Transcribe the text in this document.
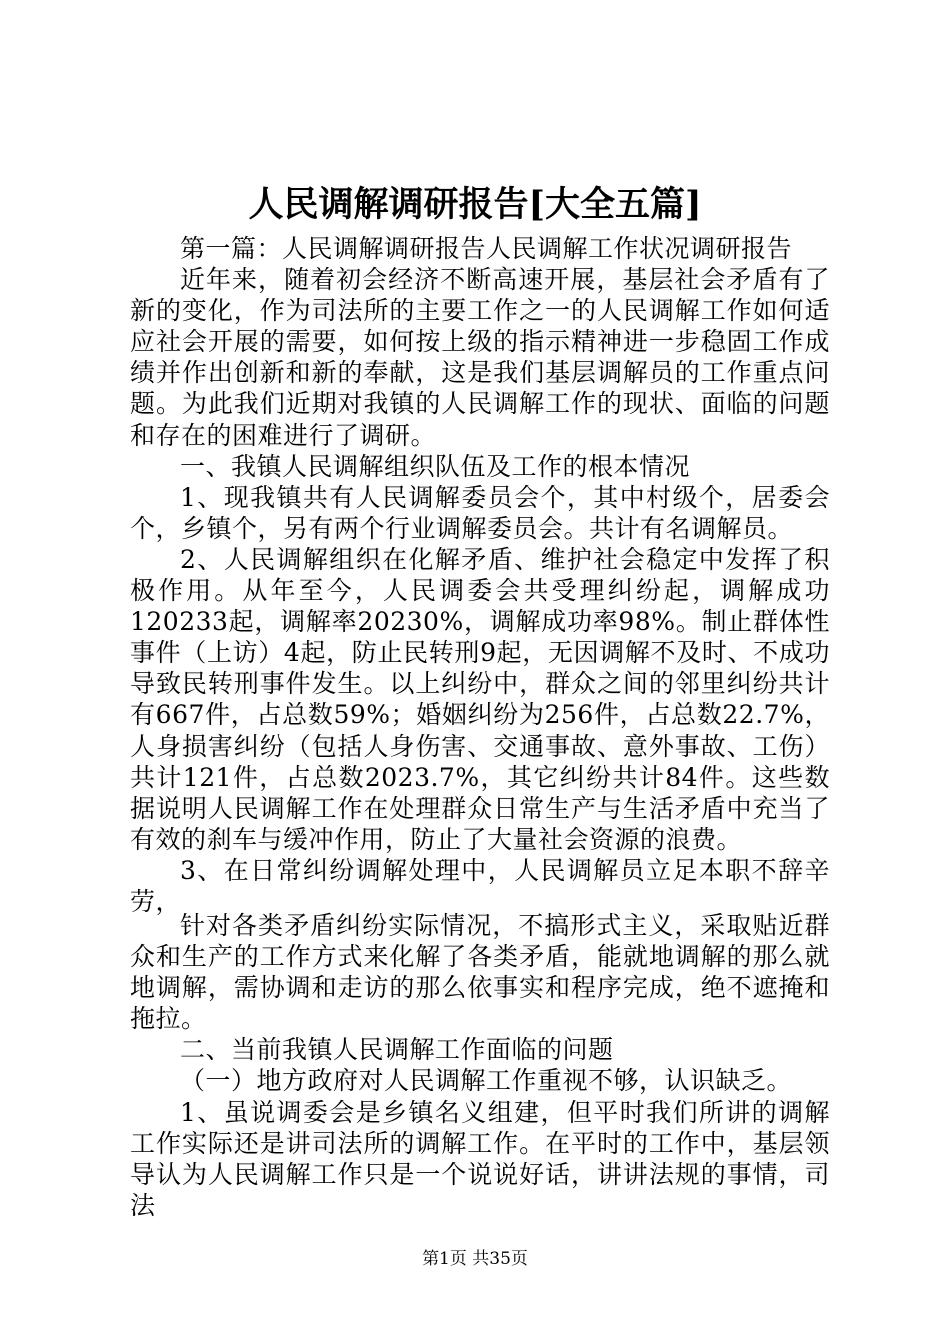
人民调解调研报告[大全五篇]

第一篇：人民调解调研报告人民调解工作状况调研报告

近年来，随着初会经济不断高速开展，基层社会矛盾有了新的变化，作为司法所的主要工作之一的人民调解工作如何适应社会开展的需要，如何按上级的指示精神进一步稳固工作成绩并作出创新和新的奉献，这是我们基层调解员的工作重点问题。为此我们近期对我镇的人民调解工作的现状、面临的问题和存在的困难进行了调研。

一、我镇人民调解组织队伍及工作的根本情况

1、现我镇共有人民调解委员会个，其中村级个，居委会个，乡镇个，另有两个行业调解委员会。共计有名调解员。

2、人民调解组织在化解矛盾、维护社会稳定中发挥了积极作用。从年至今，人民调委会共受理纠纷起，调解成功120233起，调解率20230%，调解成功率98%。制止群体性事件（上访）4起，防止民转刑9起，无因调解不及时、不成功导致民转刑事件发生。以上纠纷中，群众之间的邻里纠纷共计有667件，占总数59%；婚姻纠纷为256件，占总数22.7%，人身损害纠纷（包括人身伤害、交通事故、意外事故、工伤）共计121件，占总数2023.7%，其它纠纷共计84件。这些数据说明人民调解工作在处理群众日常生产与生活矛盾中充当了有效的刹车与缓冲作用，防止了大量社会资源的浪费。

3、在日常纠纷调解处理中，人民调解员立足本职不辞辛劳，

针对各类矛盾纠纷实际情况，不搞形式主义，采取贴近群众和生产的工作方式来化解了各类矛盾，能就地调解的那么就地调解，需协调和走访的那么依事实和程序完成，绝不遮掩和拖拉。

二、当前我镇人民调解工作面临的问题

（一）地方政府对人民调解工作重视不够，认识缺乏。

1、虽说调委会是乡镇名义组建，但平时我们所讲的调解工作实际还是讲司法所的调解工作。在平时的工作中，基层领导认为人民调解工作只是一个说说好话，讲讲法规的事情，司法

第1页 共35页
